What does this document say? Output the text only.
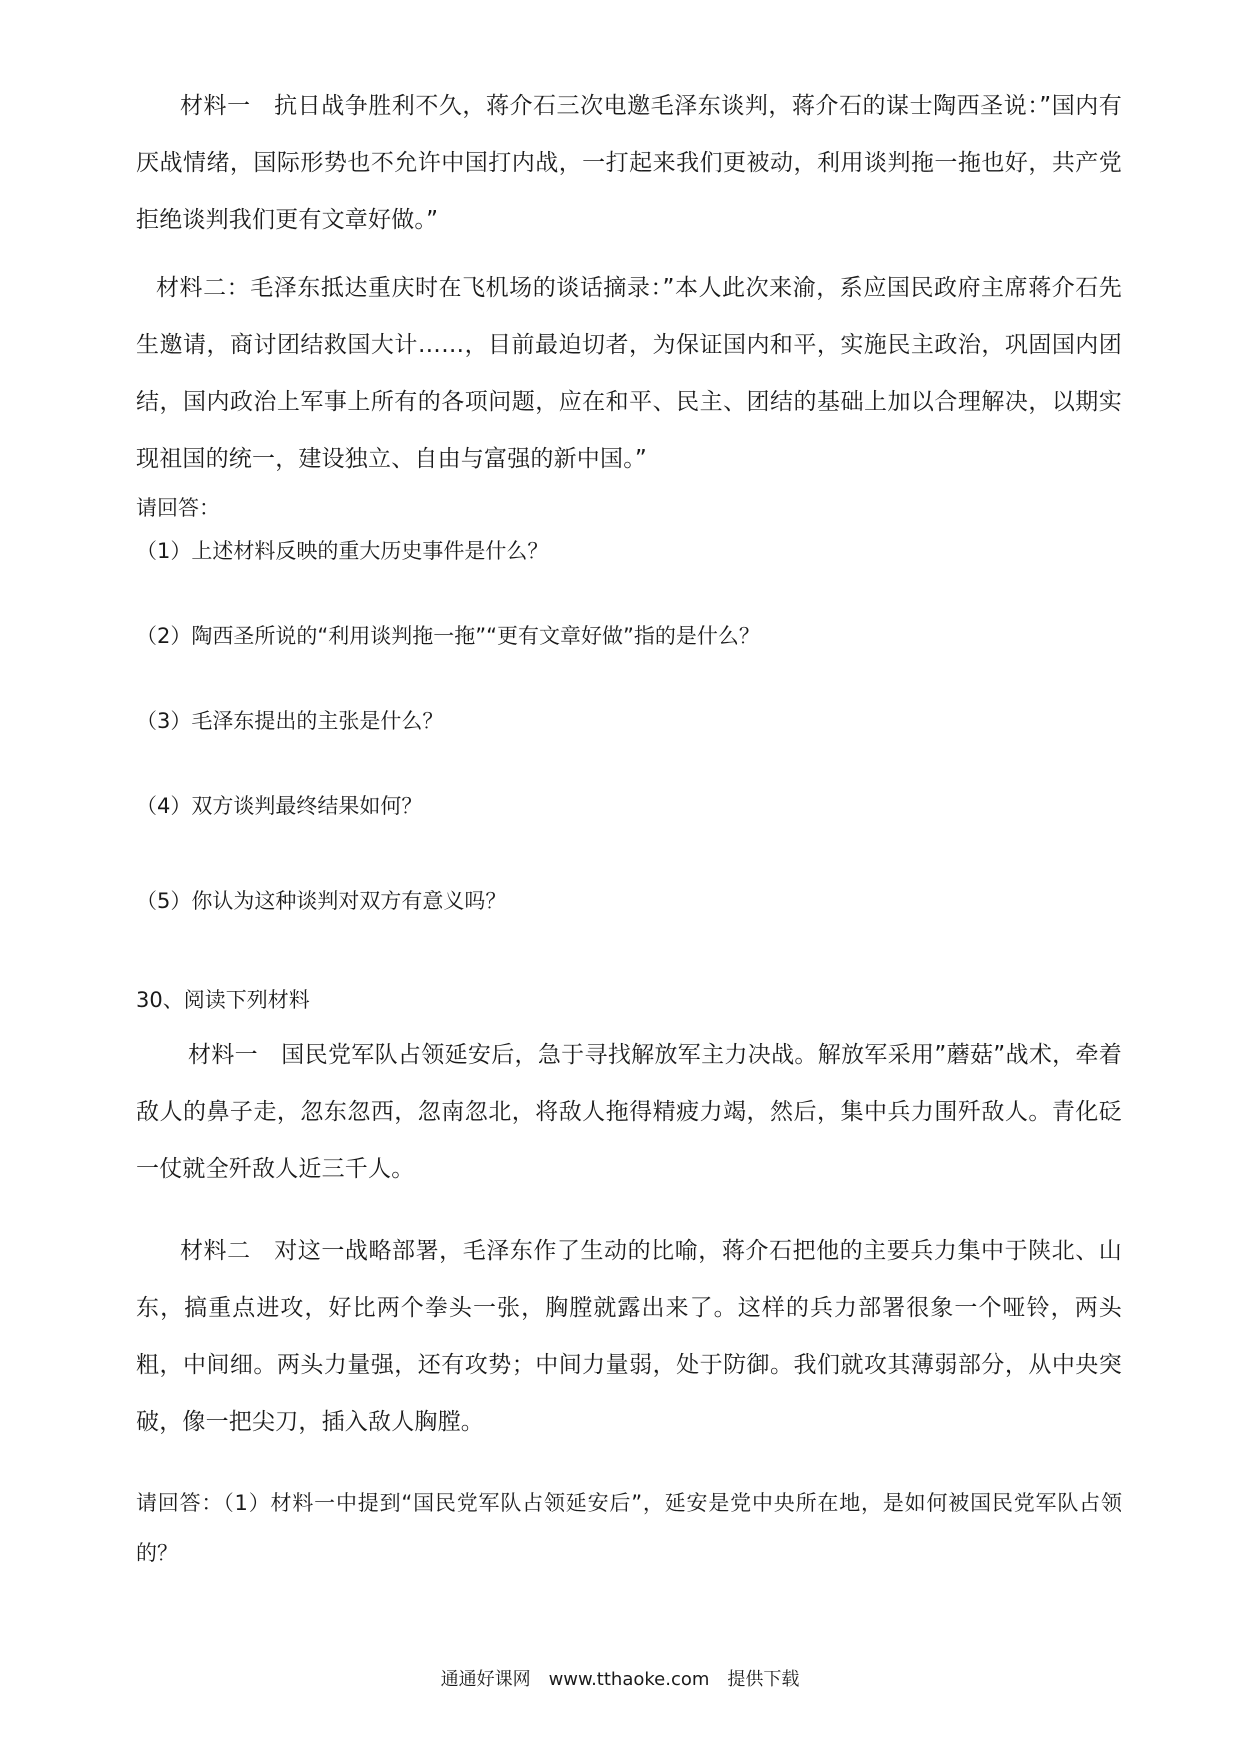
材料一　抗日战争胜利不久，蒋介石三次电邀毛泽东谈判，蒋介石的谋士陶西圣说：”国内有厌战情绪，国际形势也不允许中国打内战，一打起来我们更被动，利用谈判拖一拖也好，共产党拒绝谈判我们更有文章好做。”

材料二：毛泽东抵达重庆时在飞机场的谈话摘录：”本人此次来渝，系应国民政府主席蒋介石先生邀请，商讨团结救国大计……，目前最迫切者，为保证国内和平，实施民主政治，巩固国内团结，国内政治上军事上所有的各项问题，应在和平、民主、团结的基础上加以合理解决，以期实现祖国的统一，建设独立、自由与富强的新中国。”

请回答：

（1）上述材料反映的重大历史事件是什么？

（2）陶西圣所说的“利用谈判拖一拖”“更有文章好做”指的是什么？

（3）毛泽东提出的主张是什么？

（4）双方谈判最终结果如何？

（5）你认为这种谈判对双方有意义吗？

30、阅读下列材料

材料一　国民党军队占领延安后，急于寻找解放军主力决战。解放军采用”蘑菇”战术，牵着敌人的鼻子走，忽东忽西，忽南忽北，将敌人拖得精疲力竭，然后，集中兵力围歼敌人。青化砭一仗就全歼敌人近三千人。

材料二　对这一战略部署，毛泽东作了生动的比喻，蒋介石把他的主要兵力集中于陕北、山东，搞重点进攻，好比两个拳头一张，胸膛就露出来了。这样的兵力部署很象一个哑铃，两头粗，中间细。两头力量强，还有攻势；中间力量弱，处于防御。我们就攻其薄弱部分，从中央突破，像一把尖刀，插入敌人胸膛。

请回答：（1）材料一中提到“国民党军队占领延安后”，延安是党中央所在地，是如何被国民党军队占领的？

通通好课网　www.tthaoke.com　提供下载
